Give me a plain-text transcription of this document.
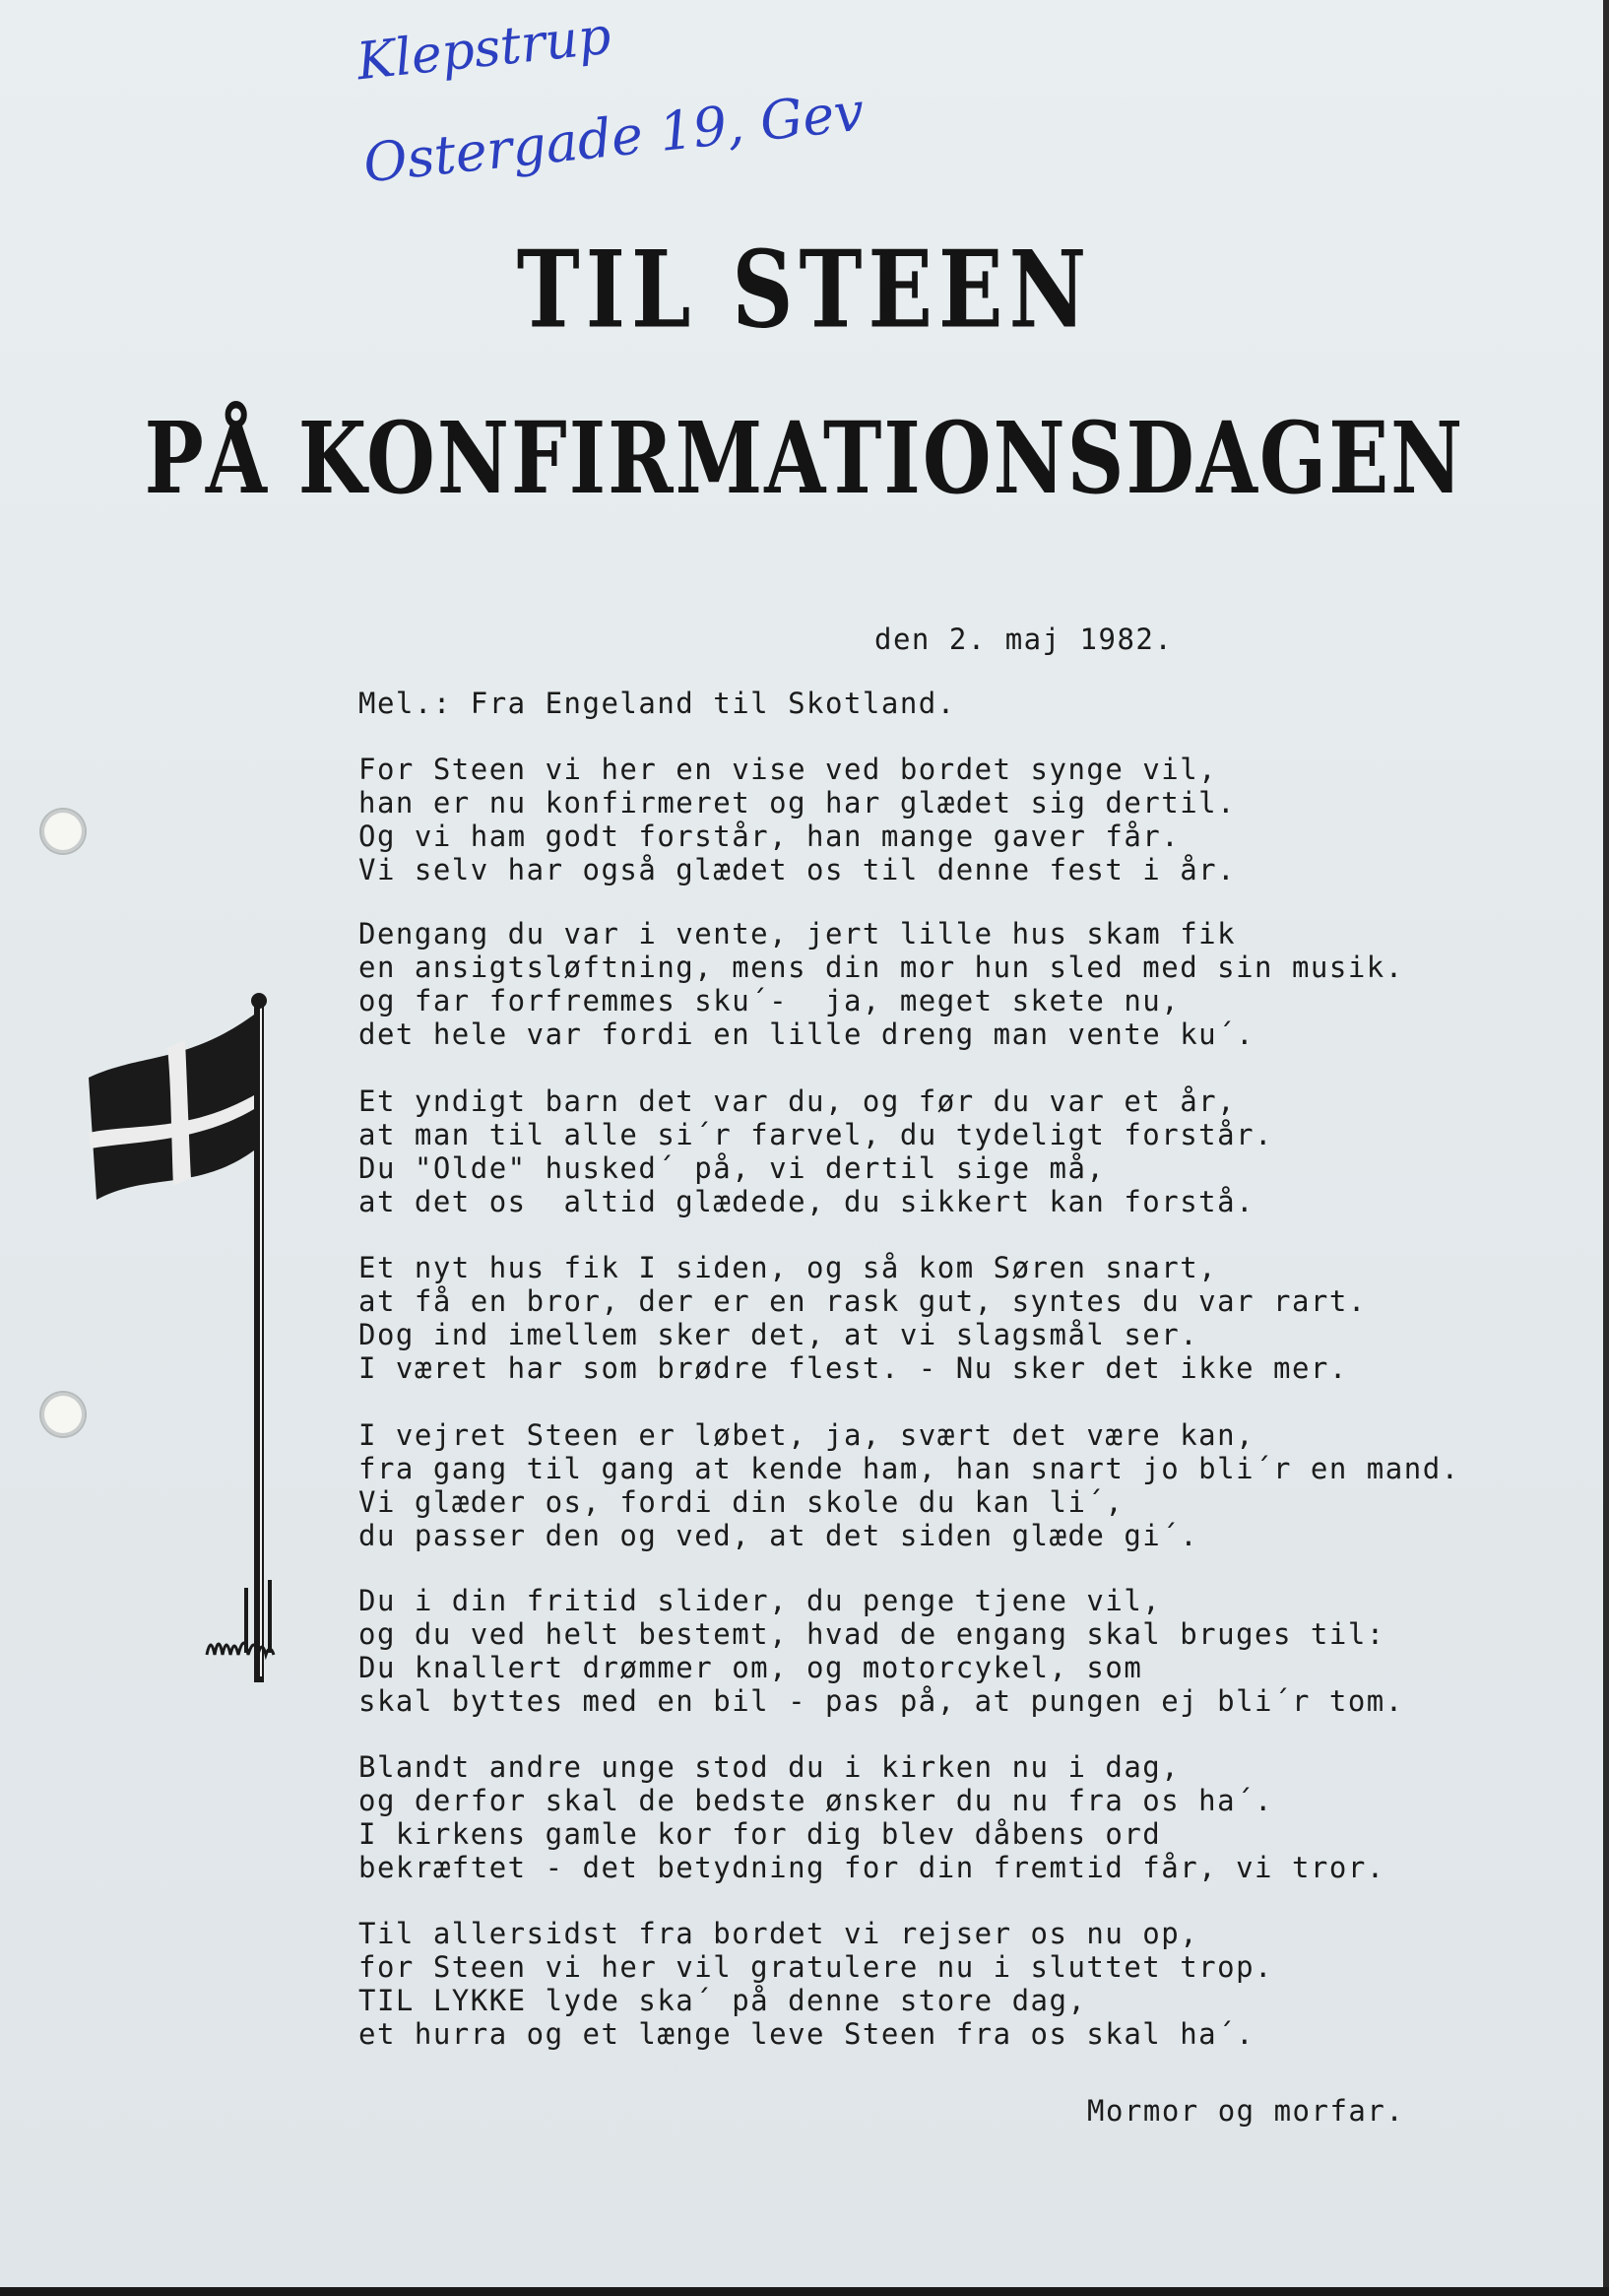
Klepstrup
Ostergade 19, Gev
TIL STEEN
PÅ KONFIRMATIONSDAGEN
den 2. maj 1982.
Mel.: Fra Engeland til Skotland.
For Steen vi her en vise ved bordet synge vil,
han er nu konfirmeret og har glædet sig dertil.
Og vi ham godt forstår, han mange gaver får.
Vi selv har også glædet os til denne fest i år.
Dengang du var i vente, jert lille hus skam fik
en ansigtsløftning, mens din mor hun sled med sin musik.
og far forfremmes sku´-  ja, meget skete nu,
det hele var fordi en lille dreng man vente ku´.
Et yndigt barn det var du, og før du var et år,
at man til alle si´r farvel, du tydeligt forstår.
Du "Olde" husked´ på, vi dertil sige må,
at det os  altid glædede, du sikkert kan forstå.
Et nyt hus fik I siden, og så kom Søren snart,
at få en bror, der er en rask gut, syntes du var rart.
Dog ind imellem sker det, at vi slagsmål ser.
I været har som brødre flest. - Nu sker det ikke mer.
I vejret Steen er løbet, ja, svært det være kan,
fra gang til gang at kende ham, han snart jo bli´r en mand.
Vi glæder os, fordi din skole du kan li´,
du passer den og ved, at det siden glæde gi´.
Du i din fritid slider, du penge tjene vil,
og du ved helt bestemt, hvad de engang skal bruges til:
Du knallert drømmer om, og motorcykel, som
skal byttes med en bil - pas på, at pungen ej bli´r tom.
Blandt andre unge stod du i kirken nu i dag,
og derfor skal de bedste ønsker du nu fra os ha´.
I kirkens gamle kor for dig blev dåbens ord
bekræftet - det betydning for din fremtid får, vi tror.
Til allersidst fra bordet vi rejser os nu op,
for Steen vi her vil gratulere nu i sluttet trop.
TIL LYKKE lyde ska´ på denne store dag,
et hurra og et længe leve Steen fra os skal ha´.
Mormor og morfar.
